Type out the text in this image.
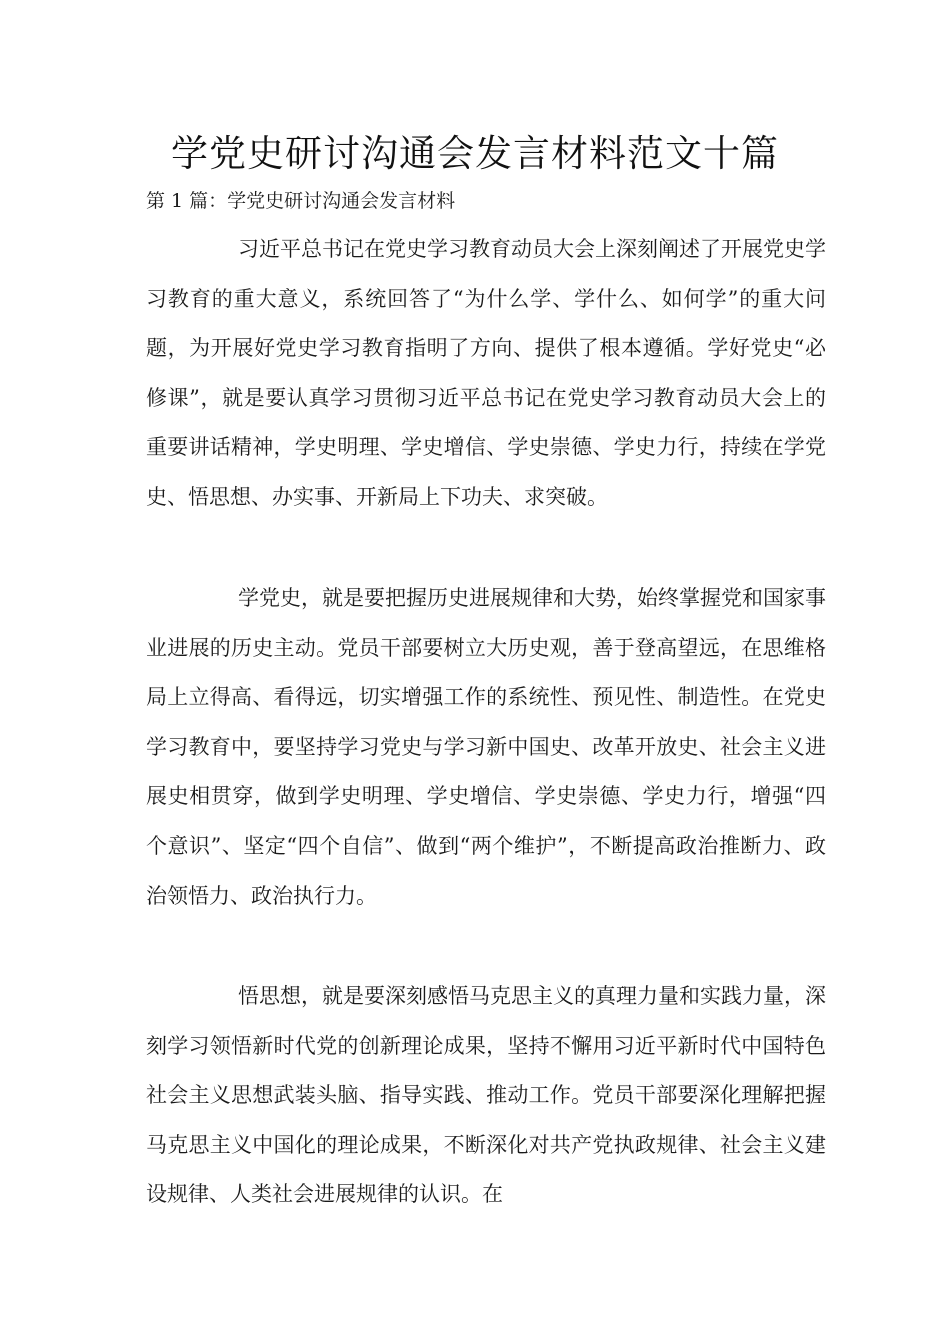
学党史研讨沟通会发言材料范文十篇
第 1 篇：学党史研讨沟通会发言材料

习近平总书记在党史学习教育动员大会上深刻阐述了开展党史学习教育的重大意义，系统回答了“为什么学、学什么、如何学”的重大问题，为开展好党史学习教育指明了方向、提供了根本遵循。学好党史“必修课”，就是要认真学习贯彻习近平总书记在党史学习教育动员大会上的重要讲话精神，学史明理、学史增信、学史崇德、学史力行，持续在学党史、悟思想、办实事、开新局上下功夫、求突破。

学党史，就是要把握历史进展规律和大势，始终掌握党和国家事业进展的历史主动。党员干部要树立大历史观，善于登高望远，在思维格局上立得高、看得远，切实增强工作的系统性、预见性、制造性。在党史学习教育中，要坚持学习党史与学习新中国史、改革开放史、社会主义进展史相贯穿，做到学史明理、学史增信、学史崇德、学史力行，增强“四个意识”、坚定“四个自信”、做到“两个维护”，不断提高政治推断力、政治领悟力、政治执行力。

悟思想，就是要深刻感悟马克思主义的真理力量和实践力量，深刻学习领悟新时代党的创新理论成果，坚持不懈用习近平新时代中国特色社会主义思想武装头脑、指导实践、推动工作。党员干部要深化理解把握马克思主义中国化的理论成果，不断深化对共产党执政规律、社会主义建设规律、人类社会进展规律的认识。在
